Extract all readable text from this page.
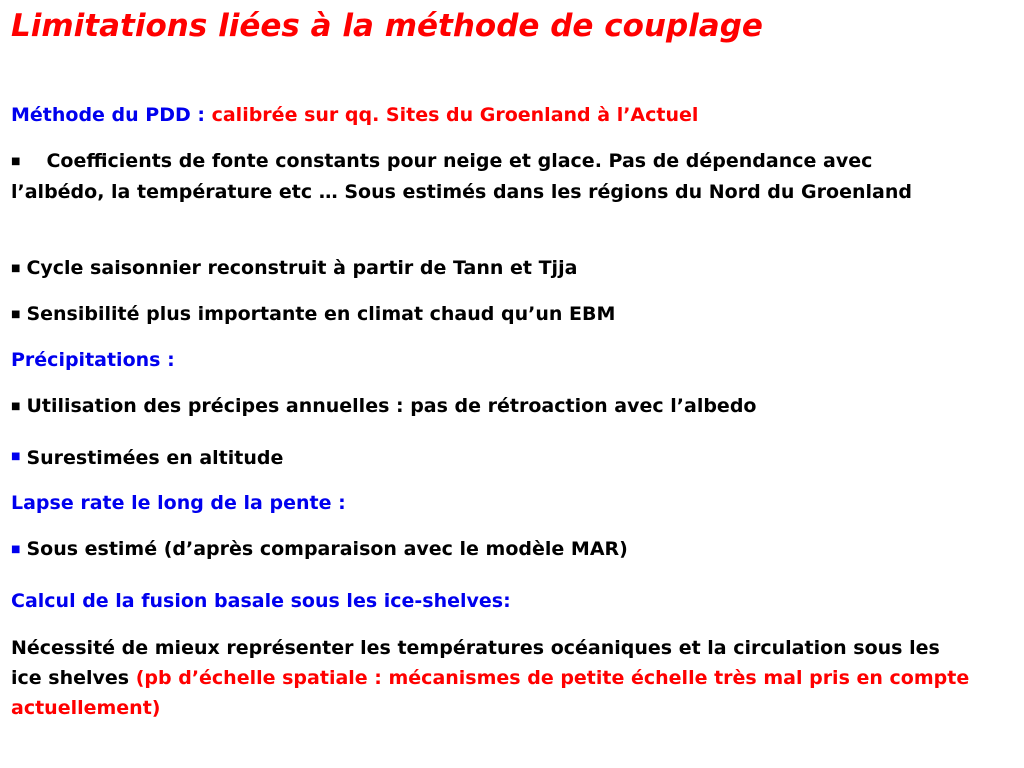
Limitations liées à la méthode de couplage

Méthode du PDD : calibrée sur qq. Sites du Groenland à l’Actuel

■ Coefficients de fonte constants pour neige et glace. Pas de dépendance avec l’albédo, la température etc … Sous estimés dans les régions du Nord du Groenland

■ Cycle saisonnier reconstruit à partir de Tann et Tjja

■ Sensibilité plus importante en climat chaud qu’un EBM

Précipitations :

■ Utilisation des précipes annuelles : pas de rétroaction avec l’albedo

■ Surestimées en altitude

Lapse rate le long de la pente :

■ Sous estimé (d’après comparaison avec le modèle MAR)

Calcul de la fusion basale sous les ice-shelves:

Nécessité de mieux représenter les températures océaniques et la circulation sous les ice shelves (pb d’échelle spatiale : mécanismes de petite échelle très mal pris en compte actuellement)
